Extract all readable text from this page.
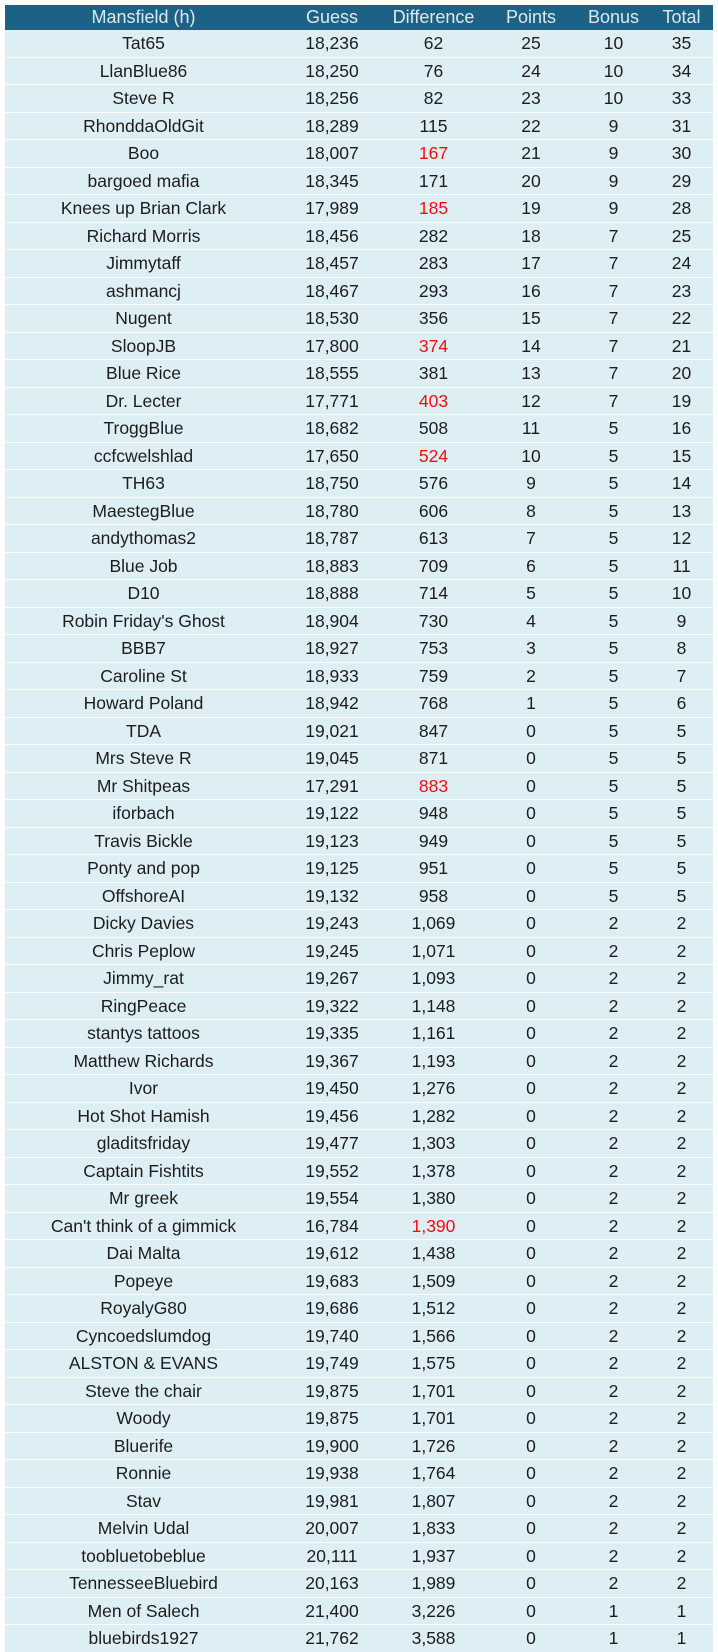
Mansfield (h)	Guess	Difference	Points	Bonus	Total
Tat65	18,236	62	25	10	35
LlanBlue86	18,250	76	24	10	34
Steve R	18,256	82	23	10	33
RhonddaOldGit	18,289	115	22	9	31
Boo	18,007	167	21	9	30
bargoed mafia	18,345	171	20	9	29
Knees up Brian Clark	17,989	185	19	9	28
Richard Morris	18,456	282	18	7	25
Jimmytaff	18,457	283	17	7	24
ashmancj	18,467	293	16	7	23
Nugent	18,530	356	15	7	22
SloopJB	17,800	374	14	7	21
Blue Rice	18,555	381	13	7	20
Dr. Lecter	17,771	403	12	7	19
TroggBlue	18,682	508	11	5	16
ccfcwelshlad	17,650	524	10	5	15
TH63	18,750	576	9	5	14
MaestegBlue	18,780	606	8	5	13
andythomas2	18,787	613	7	5	12
Blue Job	18,883	709	6	5	11
D10	18,888	714	5	5	10
Robin Friday's Ghost	18,904	730	4	5	9
BBB7	18,927	753	3	5	8
Caroline St	18,933	759	2	5	7
Howard Poland	18,942	768	1	5	6
TDA	19,021	847	0	5	5
Mrs Steve R	19,045	871	0	5	5
Mr Shitpeas	17,291	883	0	5	5
iforbach	19,122	948	0	5	5
Travis Bickle	19,123	949	0	5	5
Ponty and pop	19,125	951	0	5	5
OffshoreAI	19,132	958	0	5	5
Dicky Davies	19,243	1,069	0	2	2
Chris Peplow	19,245	1,071	0	2	2
Jimmy_rat	19,267	1,093	0	2	2
RingPeace	19,322	1,148	0	2	2
stantys tattoos	19,335	1,161	0	2	2
Matthew Richards	19,367	1,193	0	2	2
Ivor	19,450	1,276	0	2	2
Hot Shot Hamish	19,456	1,282	0	2	2
gladitsfriday	19,477	1,303	0	2	2
Captain Fishtits	19,552	1,378	0	2	2
Mr greek	19,554	1,380	0	2	2
Can't think of a gimmick	16,784	1,390	0	2	2
Dai Malta	19,612	1,438	0	2	2
Popeye	19,683	1,509	0	2	2
RoyalyG80	19,686	1,512	0	2	2
Cyncoedslumdog	19,740	1,566	0	2	2
ALSTON & EVANS	19,749	1,575	0	2	2
Steve the chair	19,875	1,701	0	2	2
Woody	19,875	1,701	0	2	2
Bluerife	19,900	1,726	0	2	2
Ronnie	19,938	1,764	0	2	2
Stav	19,981	1,807	0	2	2
Melvin Udal	20,007	1,833	0	2	2
toobluetobeblue	20,111	1,937	0	2	2
TennesseeBluebird	20,163	1,989	0	2	2
Men of Salech	21,400	3,226	0	1	1
bluebirds1927	21,762	3,588	0	1	1
